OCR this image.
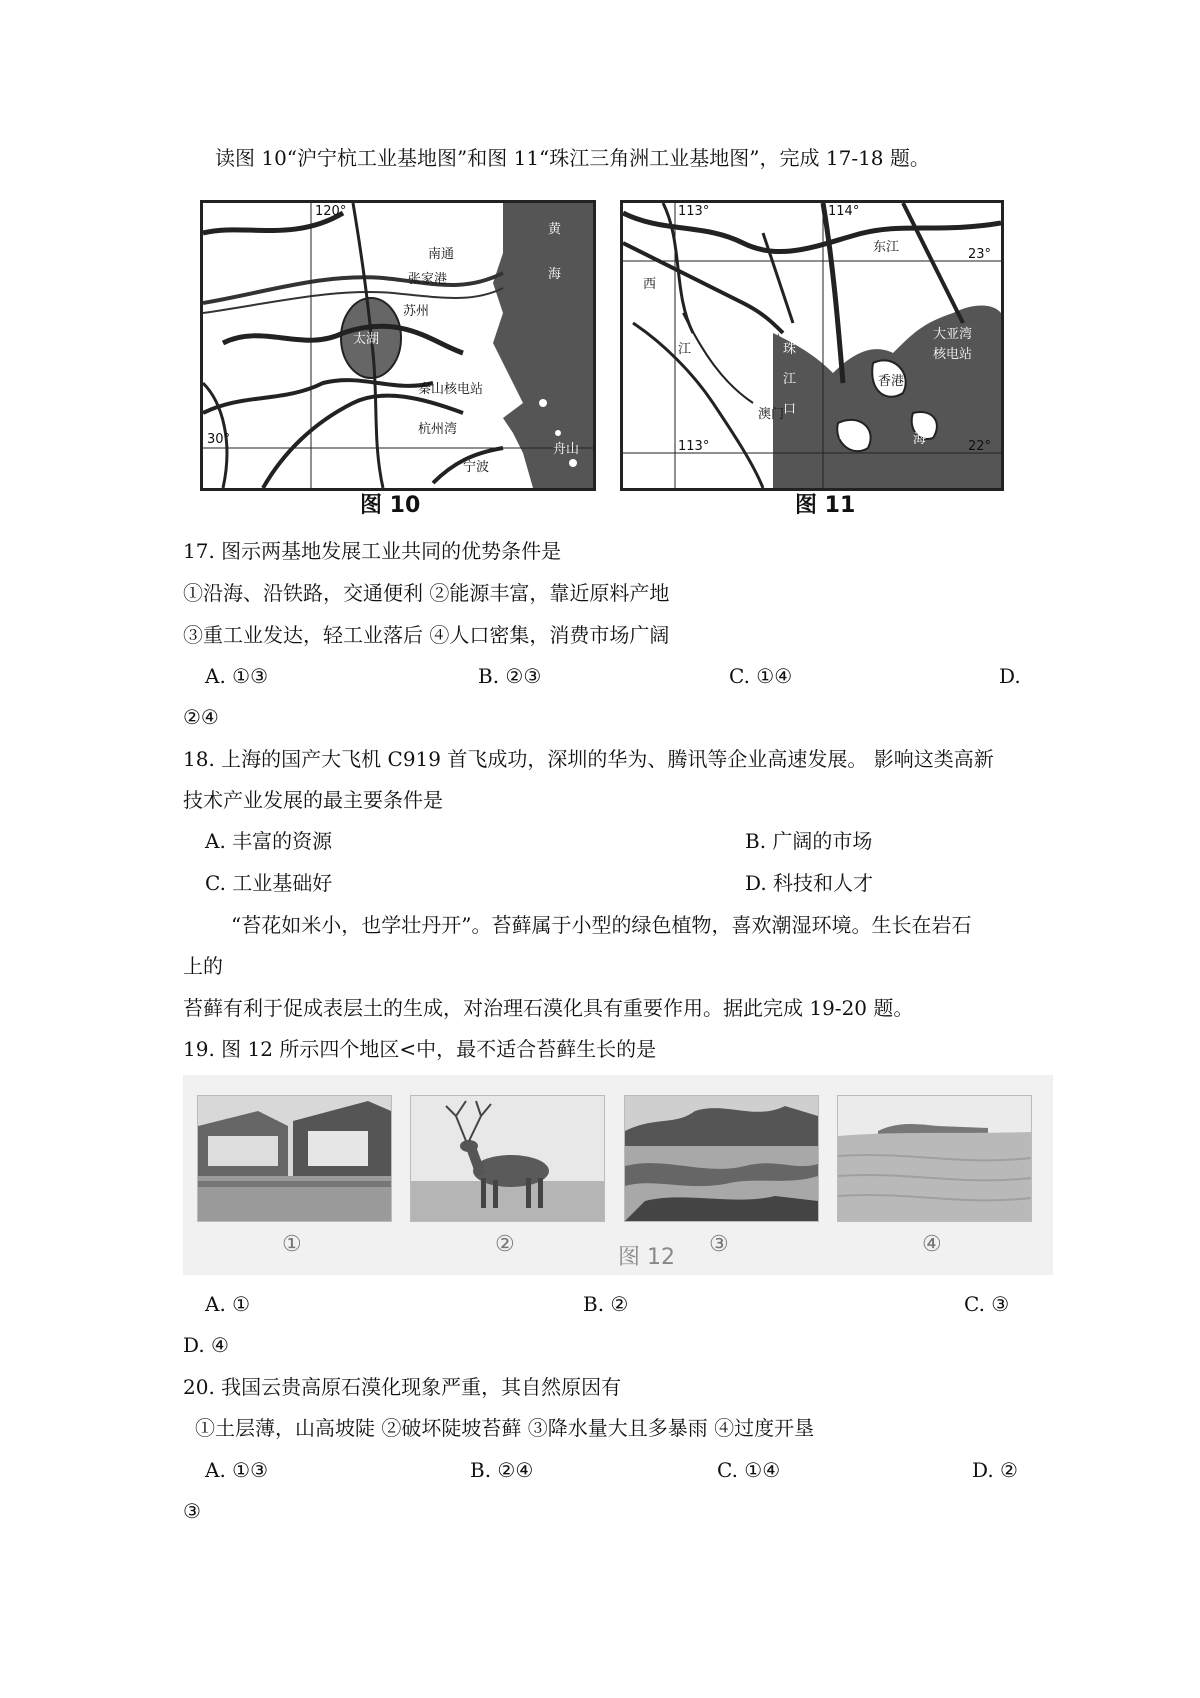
读图 10“沪宁杭工业基地图”和图 11“珠江三角洲工业基地图”，完成 17-18 题。
120°
30°
黄
海
南通
张家港
苏州
太湖
秦山核电站
杭州湾
宁波
舟山
图 10
113°	114°
23°
22°
东江
西
江	珠
江
口
大亚湾
核电站
香港
澳门
南	海
113°
图 11
17. 图示两基地发展工业共同的优势条件是
①沿海、沿铁路，交通便利 ②能源丰富，靠近原料产地
③重工业发达，轻工业落后 ④人口密集，消费市场广阔
A. ①③	B. ②③	C. ①④	D.
②④
18. 上海的国产大飞机 C919 首飞成功，深圳的华为、腾讯等企业高速发展。 影响这类高新
技术产业发展的最主要条件是
A. 丰富的资源	B. 广阔的市场
C. 工业基础好	D. 科技和人才
“苔花如米小，也学壮丹开”。苔藓属于小型的绿色植物，喜欢潮湿环境。生长在岩石
上的
苔藓有利于促成表层土的生成，对治理石漠化具有重要作用。据此完成 19-20 题。
19. 图 12 所示四个地区<中，最不适合苔藓生长的是
①	②	③	④
图 12
A. ①	B. ②	C. ③
D. ④
20. 我国云贵高原石漠化现象严重，其自然原因有
①土层薄，山高坡陡 ②破坏陡坡苔藓 ③降水量大且多暴雨 ④过度开垦
A. ①③	B. ②④	C. ①④	D. ②
③
